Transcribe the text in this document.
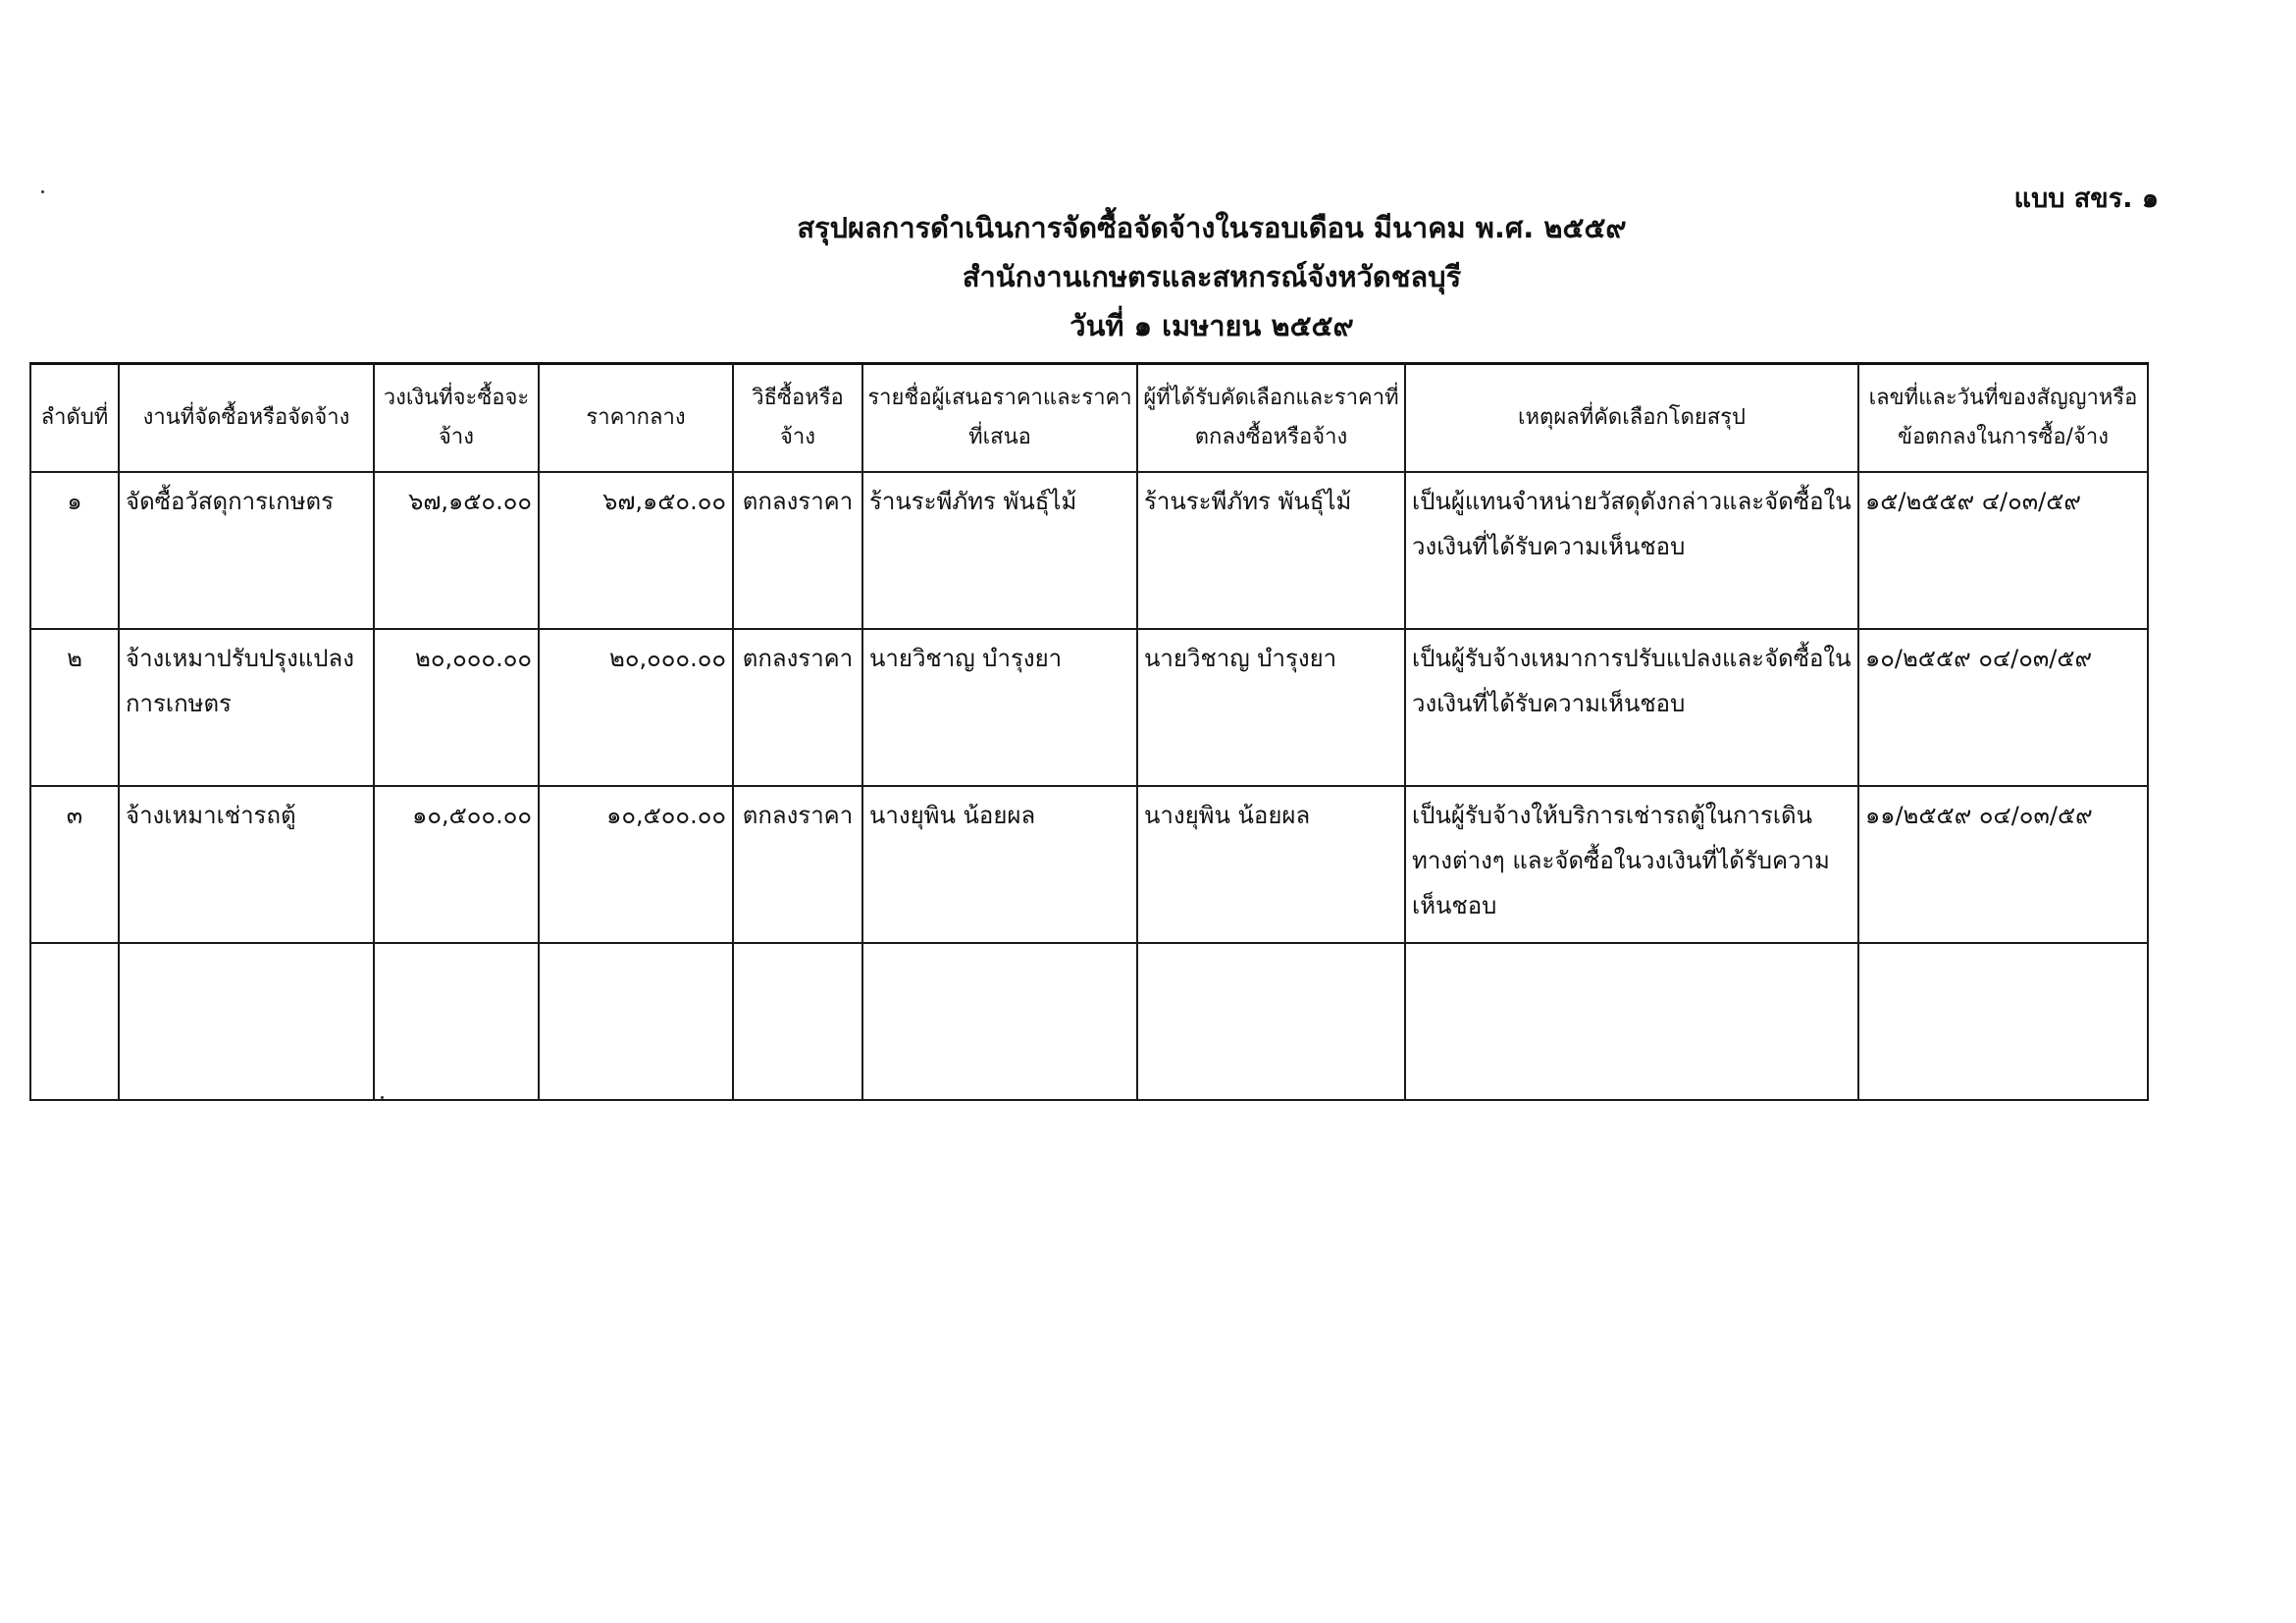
แบบ สขร. ๑
สรุปผลการดำเนินการจัดซื้อจัดจ้างในรอบเดือน มีนาคม พ.ศ. ๒๕๕๙
สำนักงานเกษตรและสหกรณ์จังหวัดชลบุรี
วันที่ ๑ เมษายน ๒๕๕๙
ลำดับที่	งานที่จัดซื้อหรือจัดจ้าง	วงเงินที่จะซื้อจะจ้าง	ราคากลาง	วิธีซื้อหรือจ้าง	รายชื่อผู้เสนอราคาและราคาที่เสนอ	ผู้ที่ได้รับคัดเลือกและราคาที่ตกลงซื้อหรือจ้าง	เหตุผลที่คัดเลือกโดยสรุป	เลขที่และวันที่ของสัญญาหรือข้อตกลงในการซื้อ/จ้าง
๑	จัดซื้อวัสดุการเกษตร	๖๗,๑๕๐.๐๐	๖๗,๑๕๐.๐๐	ตกลงราคา	ร้านระพีภัทร พันธุ์ไม้	ร้านระพีภัทร พันธุ์ไม้	เป็นผู้แทนจำหน่ายวัสดุดังกล่าวและจัดซื้อในวงเงินที่ได้รับความเห็นชอบ	๑๕/๒๕๕๙ ๔/๐๓/๕๙
๒	จ้างเหมาปรับปรุงแปลงการเกษตร	๒๐,๐๐๐.๐๐	๒๐,๐๐๐.๐๐	ตกลงราคา	นายวิชาญ บำรุงยา	นายวิชาญ บำรุงยา	เป็นผู้รับจ้างเหมาการปรับแปลงและจัดซื้อในวงเงินที่ได้รับความเห็นชอบ	๑๐/๒๕๕๙ ๐๔/๐๓/๕๙
๓	จ้างเหมาเช่ารถตู้	๑๐,๕๐๐.๐๐	๑๐,๕๐๐.๐๐	ตกลงราคา	นางยุพิน น้อยผล	นางยุพิน น้อยผล	เป็นผู้รับจ้างให้บริการเช่ารถตู้ในการเดินทางต่างๆ และจัดซื้อในวงเงินที่ได้รับความเห็นชอบ	๑๑/๒๕๕๙ ๐๔/๐๓/๕๙
